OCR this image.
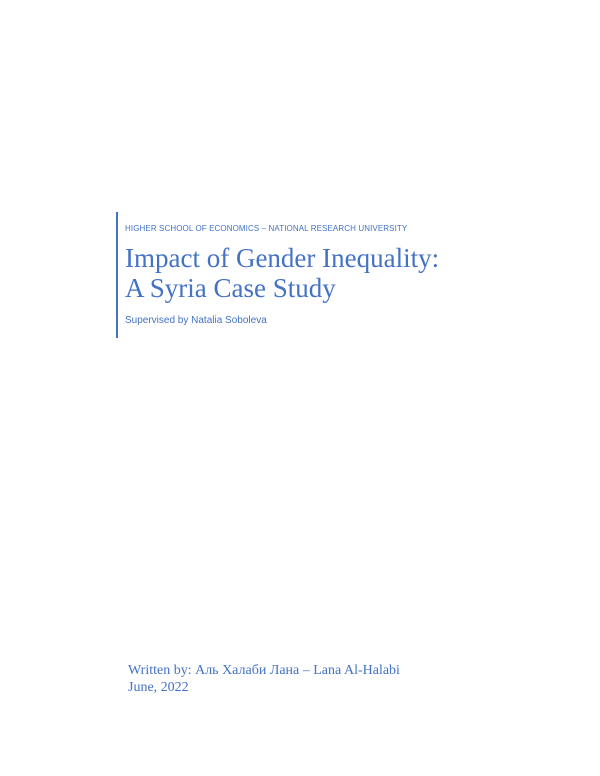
HIGHER SCHOOL OF ECONOMICS – NATIONAL RESEARCH UNIVERSITY
Impact of Gender Inequality:
A Syria Case Study
Supervised by Natalia Soboleva
Written by: Аль Халаби Лана – Lana Al-Halabi
June, 2022
